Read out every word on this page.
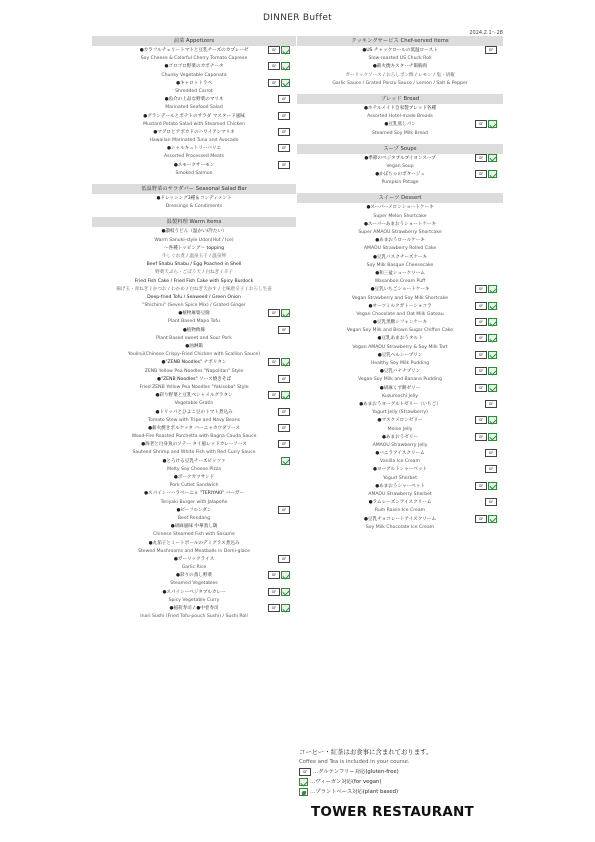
DINNER Buffet
2024.2.1〜28
前菜 Appetizers
●カラフルチェリートマトと豆乳チーズのカプレーゼ
Soy Cheese & Colorful Cherry Tomato Caprese
GF
●ゴロゴロ野菜のカポナータ
Chunky Vegetable Caponata
GF
●キャロットラペ
Shredded Carrot
GF
●魚介の上品な野菜のマリネ
Marinated Seafood Salad
GF
●グランデールとポテトのサラダ マスタード風味
Mustard Potato Salad with Steamed Chicken
GF
●マグロとアボカドのハワイアンマリネ
Hawaiian Marinated Tuna and Avocado
GF
●シャルキュトリーバリエ
Assorted Processed Meats
GF
●スモークサーモン
Smoked Salmon
GF
低温野菜のサラダバー Seasonal Salad Bar
●ドレッシング3種＆コンディメント
Dressings & Condiments
温製料理 Warm items
●讃岐うどん（温かい/冷たい）
Warm Sanuki-style Udon(Hot / Ice)
〜各種トッピング〜 topping
牛しぐれ煮 / 温泉玉子 / 温泉卵
Beef Shabu Shabu / Egg Poached in Shell
野菜天ぷら・ごぼう天 / 白ねぎ / 辛子
Fried Fish Cake / Fried Fish Cake with Spicy Burdock
揚げ玉・青ねぎ / かつお / わかめ / 白ねぎ天かす / 七味唐辛子 / おろし生姜
Deep-fried Tofu / Seaweed / Green Onion
"Shichimi" (Seven Spice Mix) / Grated Ginger
●植物麻婆豆腐
Plant Based Mapo Tofu
GF
●植物酢豚
Plant Based sweet and Sour Pork
GF
●油淋鶏
Youlinji(Chinese Crispy-Fried Chicken with Scallion Sauce)
●"ZENB Noodles" ナポリタン
ZENB Yellow Pea Noodles "Napolitan" Style
GF
●"ZENB Noodles" ソース焼きそば
Fried ZENB Yellow Pea Noodles "Yakisoba" Style
GF
●彩り野菜と豆乳ベシャメルグラタン
Vegetable Gratin
GF
●トリッパとひよこ豆のトマト煮込み
Tomato Stew with Tripe and Navy Beans
GF
●薪火焼きポルケッタ バーニャカウダソース
Wood-Fire Roasted Porchetta with Bagna Cauda Sauce
GF
●海老と白身魚のソテー タイ風レッドカレーソース
Sauteed Shrimp and White Fish with Red Curry Sauce
GF
●とろける豆乳チーズピッツァ
Melty Soy Cheese Pizza
●ポークカツサンド
Pork Cutlet Sandwich
●スパイシーハラペーニョ "TERIYAKI" バーガー
Teriyaki Burger with Jalapeño
●ビーフルンダン
Beef Rendang
GF
●胡麻風味 中華蒸し鶏
Chinese Steamed Fish with Sesame
●丸茄子とミートボールのデミグラス煮込み
Stewed Mushrooms and Meatballs in Demi-glace
●ガーリックライス
Garlic Rice
GF
●彩りの蒸し野菜
Steamed Vegetables
GF
●スパイシーベジタブルカレー
Spicy Vegetable Curry
GF
●稲荷寿司 / ●中巻寿司
Inari Sushi (Fried Tofu-pouch Sushi) / Sushi Roll
GF
クッキングサービス Chef-served items
●US チャックロールの低温ロースト
Slow-roasted US Chuck Roll
GF
●薪火焼キスターチ鶏胸肉
ガーリックソース / おろしポン酢 / レモン / 塩・胡椒
Garlic Sauce / Grated Ponzu Sauce / Lemon / Salt & Pepper
ブレッド Bread
●ホテルメイド自家製ブレッド各種
Assorted Hotel-made Breads
●豆乳蒸しパン
Steamed Soy Milk Bread
GF
スープ Soups
●季節のベジタブルブイヨンスープ
Vegan Soup
GF
●かぼちゃのポタージュ
Pumpkin Potage
GF
スイーツ Dessert
●スーパーメロンショートケーキ
Super Melon Shortcake
●スーパーあまおうショートケーキ
Super AMAOU Strawberry Shortcake
●あまおうロールケーキ
AMAOU Strawberry Rolled Cake
●豆乳バスクチーズケーキ
Soy Milk Basque Cheesecake
●和三盆シュークリーム
Wasanbon Cream Puff
●豆乳いちごショートケーキ
Vegan Strawberry and Soy Milk Shortcake
GF
●オーツミルクガトーショコラ
Vegan Chocolate and Oat Milk Gateau
GF
●豆乳黒糖シフォンケーキ
Vegan Soy Milk and Brown Sugar Chiffon Cake
GF
●豆乳あまおうタルト
Vegan AMAOU Strawberry & Soy Milk Tart
GF
●豆乳ヘルシープリン
Healthy Soy Milk Pudding
GF
●豆乳バナナプリン
Vegan Soy Milk and Banana Pudding
GF
●胡麻くず餅ゼリー
Kuzumochi Jelly
GF
●あまおうヨーグルトゼリー（いちご）
Yogurt Jelly (Strawberry)
GF
●マスクメロンゼリー
Melon Jelly
GF
●あまおうゼリー
AMAOU Strawberry Jelly
GF
●バニラアイスクリーム
Vanilla Ice Cream
GF
●ヨーグルトシャーベット
Yogurt Sherbet
GF
●あまおうシャーベット
AMAOU Strawberry Sherbet
GF
●ラムレーズンアイスクリーム
Rum Raisin Ice Cream
GF
●豆乳チョコレートアイスクリーム
Soy Milk Chocolate Ice Cream
GF
コーヒー・紅茶はお食事に含まれております。
Coffee and Tea is included in your course.
GF	…グルテンフリー対応(gluten-free)
…ヴィーガン対応(for vegan)
…プラントベース対応(plant based)
TOWER RESTAURANT
